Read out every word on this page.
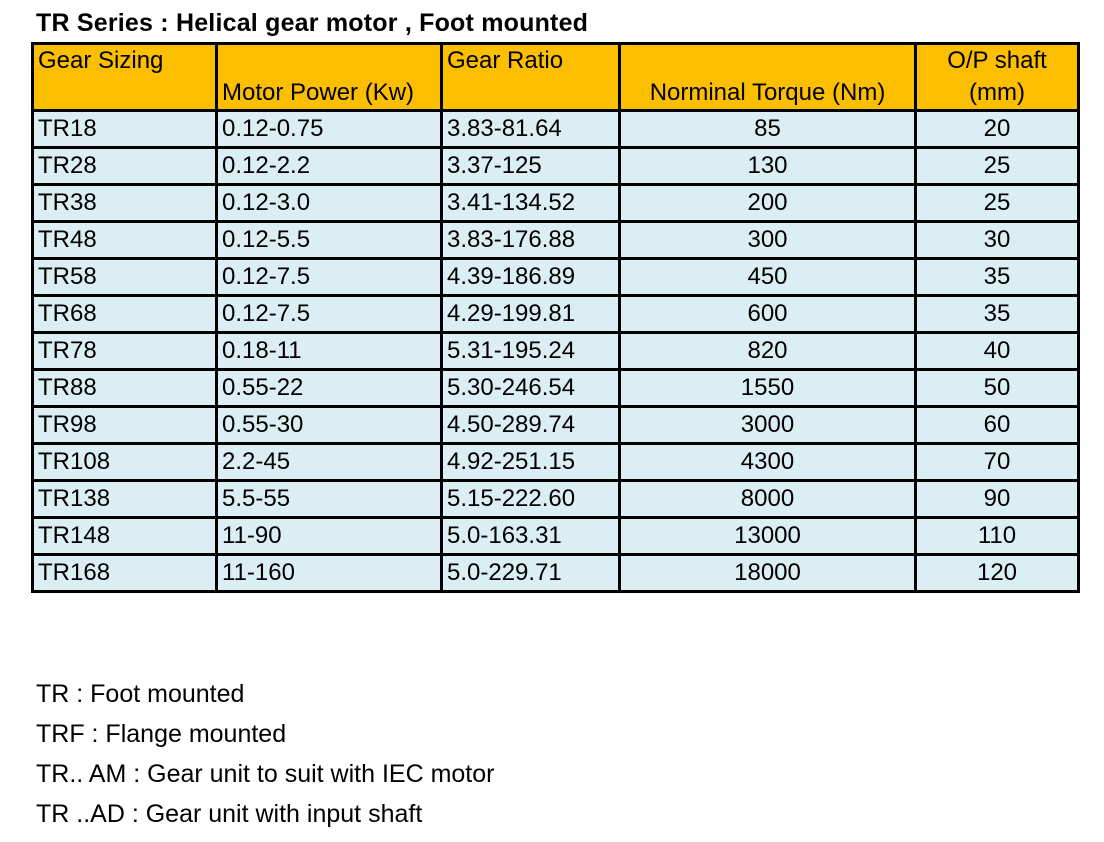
TR Series : Helical gear motor , Foot mounted
Gear Sizing	Motor Power (Kw)	Gear Ratio	Norminal Torque (Nm)	O/P shaft
(mm)

TR18	0.12-0.75	3.83-81.64	85	20
TR28	0.12-2.2	3.37-125	130	25
TR38	0.12-3.0	3.41-134.52	200	25
TR48	0.12-5.5	3.83-176.88	300	30
TR58	0.12-7.5	4.39-186.89	450	35
TR68	0.12-7.5	4.29-199.81	600	35
TR78	0.18-11	5.31-195.24	820	40
TR88	0.55-22	5.30-246.54	1550	50
TR98	0.55-30	4.50-289.74	3000	60
TR108	2.2-45	4.92-251.15	4300	70
TR138	5.5-55	5.15-222.60	8000	90
TR148	11-90	5.0-163.31	13000	110
TR168	11-160	5.0-229.71	18000	120
TR : Foot mounted
TRF : Flange mounted
TR.. AM : Gear unit to suit with IEC motor
TR ..AD : Gear unit with input shaft
